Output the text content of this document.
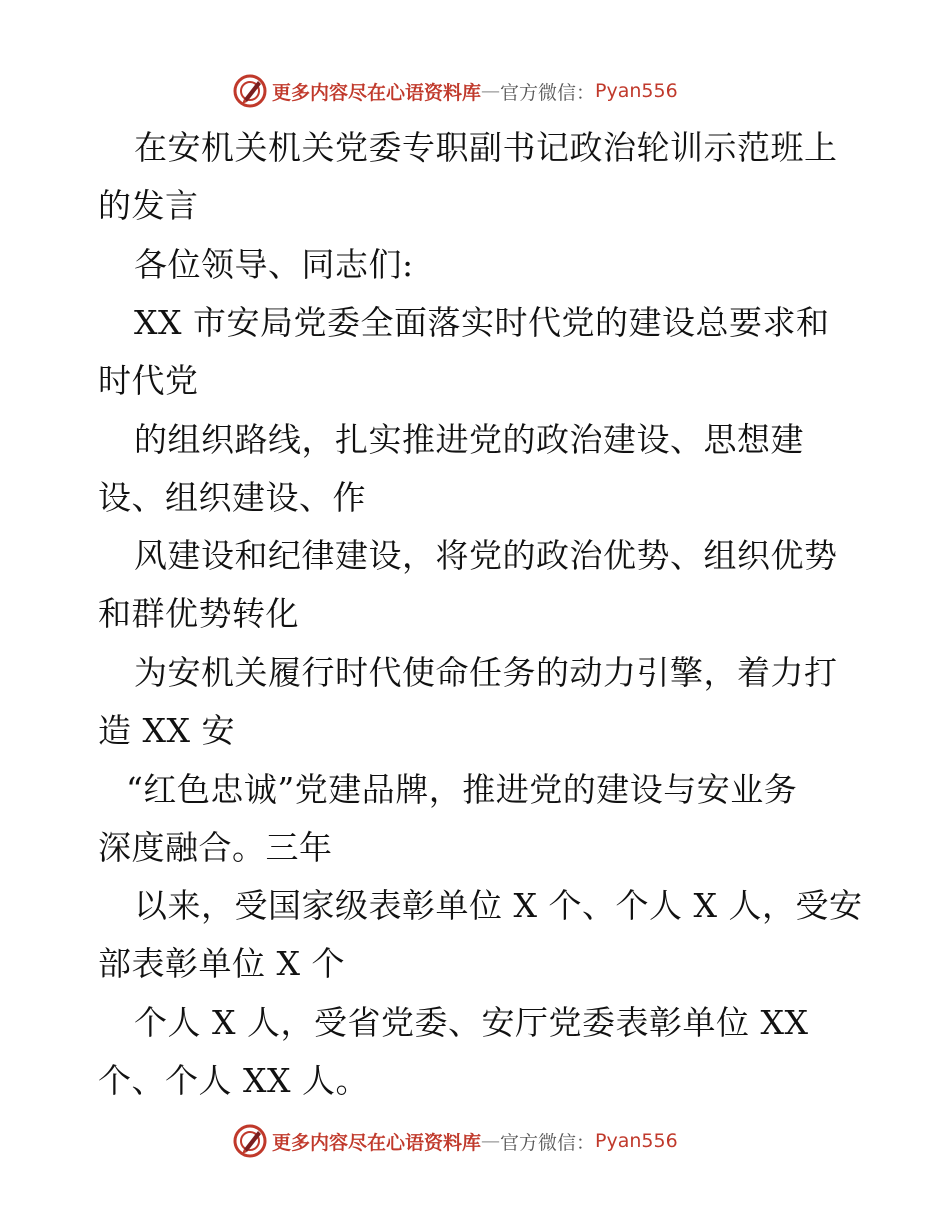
更多内容尽在心语资料库 — 官方微信： Pyan556
在安机关机关党委专职副书记政治轮训示范班上
的发言
各位领导、同志们:
XX 市安局党委全面落实时代党的建设总要求和
时代党
的组织路线，扎实推进党的政治建设、思想建
设、组织建设、作
风建设和纪律建设，将党的政治优势、组织优势
和群优势转化
为安机关履行时代使命任务的动力引擎，着力打
造 XX 安
“红色忠诚”党建品牌，推进党的建设与安业务
深度融合。三年
以来，受国家级表彰单位 X 个、个人 X 人，受安
部表彰单位 X 个
个人 X 人，受省党委、安厅党委表彰单位 XX
个、个人 XX 人。
更多内容尽在心语资料库 — 官方微信： Pyan556
